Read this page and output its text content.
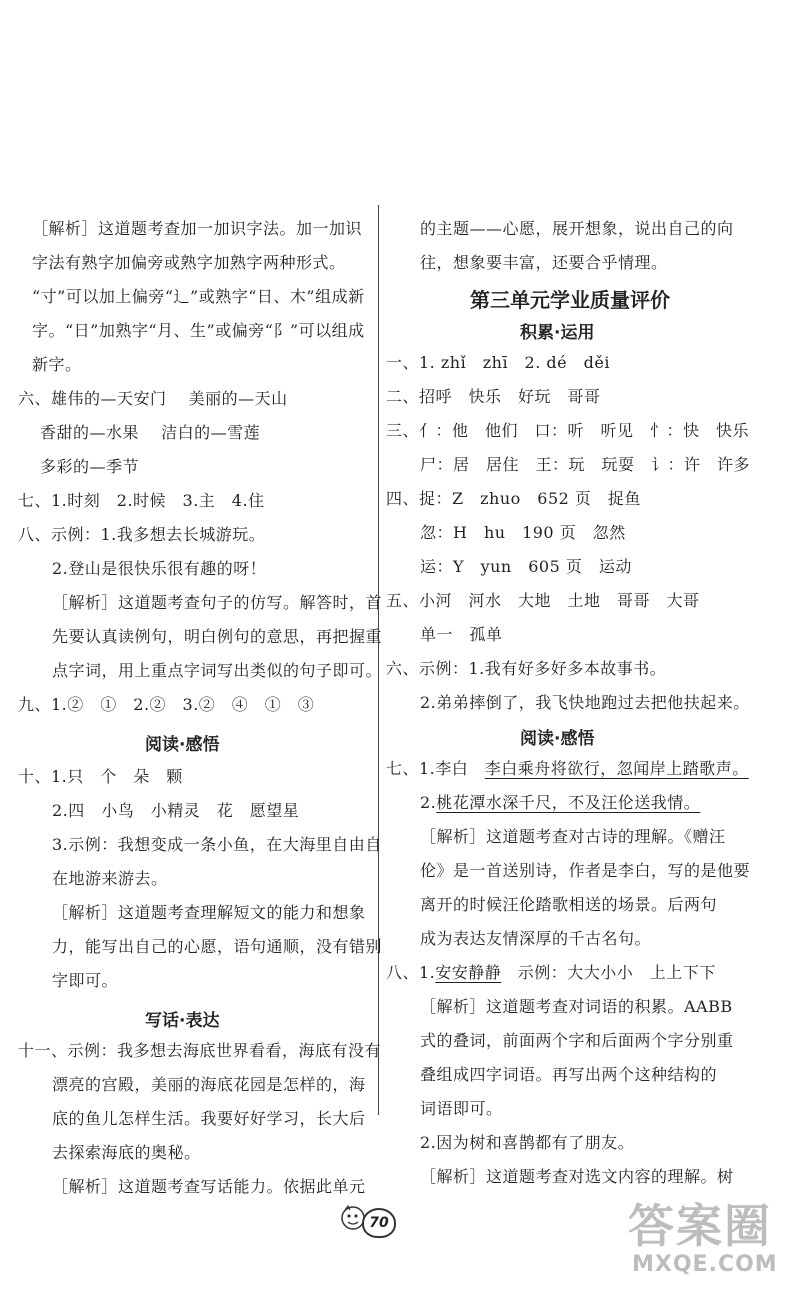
［解析］这道题考查加一加识字法。加一加识
字法有熟字加偏旁或熟字加熟字两种形式。
“寸”可以加上偏旁“辶”或熟字“日、木”组成新
字。“日”加熟字“月、生”或偏旁“阝”可以组成
新字。
六、雄伟的—天安门　 美丽的—天山
香甜的—水果　 洁白的—雪莲
多彩的—季节
七、1.时刻　2.时候　3.主　4.住
八、示例：1.我多想去长城游玩。
2.登山是很快乐很有趣的呀！
［解析］这道题考查句子的仿写。解答时，首
先要认真读例句，明白例句的意思，再把握重
点字词，用上重点字词写出类似的句子即可。
九、1.②　①　2.②　3.②　④　①　③
阅读·感悟
十、1.只　个　朵　颗
2.四　小鸟　小精灵　花　愿望星
3.示例：我想变成一条小鱼，在大海里自由自
在地游来游去。
［解析］这道题考查理解短文的能力和想象
力，能写出自己的心愿，语句通顺，没有错别
字即可。
写话·表达
十一、示例：我多想去海底世界看看，海底有没有
漂亮的宫殿，美丽的海底花园是怎样的，海
底的鱼儿怎样生活。我要好好学习，长大后
去探索海底的奥秘。
的主题——心愿，展开想象，说出自己的向
往，想象要丰富，还要合乎情理。
第三单元学业质量评价
积累·运用
一、1. zhǐ　zhī　2. dé　děi
二、招呼　快乐　好玩　哥哥
三、亻：他　他们　口：听　听见　忄：快　快乐
尸：居　居住　王：玩　玩耍　讠：许　许多
四、捉：Z　zhuo　652 页　捉鱼
忽：H　hu　190 页　忽然
运：Y　yun　605 页　运动
五、小河　河水　大地　土地　哥哥　大哥
单一　孤单
六、示例：1.我有好多好多本故事书。
2.弟弟摔倒了，我飞快地跑过去把他扶起来。
阅读·感悟
七、1.李白　李白乘舟将欲行，忽闻岸上踏歌声。
2.桃花潭水深千尺，不及汪伦送我情。
［解析］这道题考查对古诗的理解。《赠汪
伦》是一首送别诗，作者是李白，写的是他要
离开的时候汪伦踏歌相送的场景。后两句
成为表达友情深厚的千古名句。
八、1.安安静静　示例：大大小小　上上下下
［解析］这道题考查对词语的积累。AABB
式的叠词，前面两个字和后面两个字分别重
叠组成四字词语。再写出两个这种结构的
词语即可。
2.因为树和喜鹊都有了朋友。
［解析］这道题考查对选文内容的理解。树
［解析］这道题考查写话能力。依据此单元
70	答案圈
MXQE.COM
